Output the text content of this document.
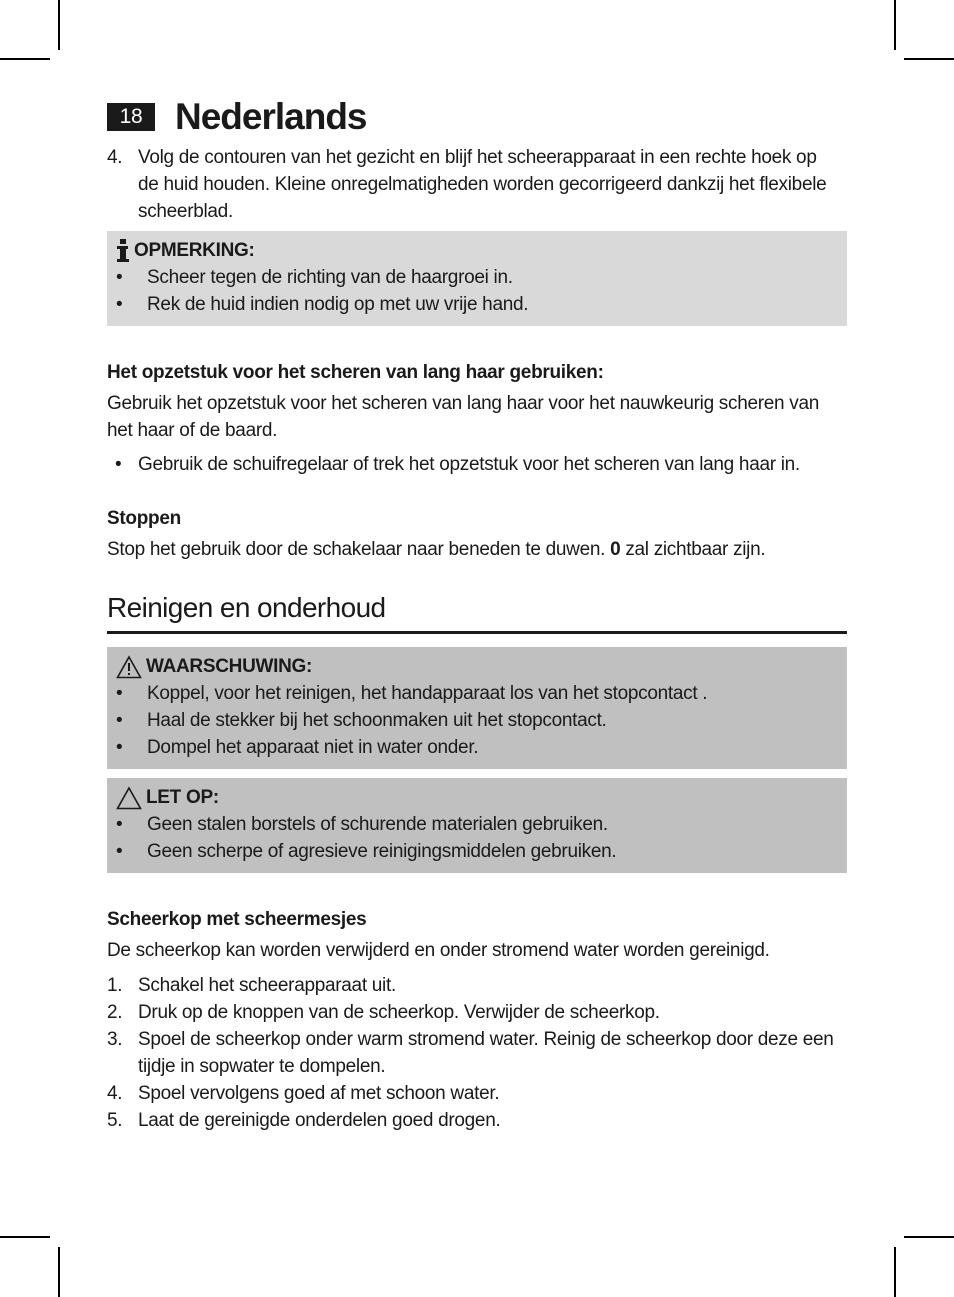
18 Nederlands
4. Volg de contouren van het gezicht en blijf het scheerapparaat in een rechte hoek op
de huid houden. Kleine onregelmatigheden worden gecorrigeerd dankzij het flexibele
scheerblad.
OPMERKING:
•	Scheer tegen de richting van de haargroei in.
•	Rek de huid indien nodig op met uw vrije hand.
Het opzetstuk voor het scheren van lang haar gebruiken:
Gebruik het opzetstuk voor het scheren van lang haar voor het nauwkeurig scheren van
het haar of de baard.
• Gebruik de schuifregelaar of trek het opzetstuk voor het scheren van lang haar in.
Stoppen
Stop het gebruik door de schakelaar naar beneden te duwen. 0 zal zichtbaar zijn.
Reinigen en onderhoud
WAARSCHUWING:
•	Koppel, voor het reinigen, het handapparaat los van het stopcontact .
•	Haal de stekker bij het schoonmaken uit het stopcontact.
•	Dompel het apparaat niet in water onder.
LET OP:
•	Geen stalen borstels of schurende materialen gebruiken.
•	Geen scherpe of agresieve reinigingsmiddelen gebruiken.
Scheerkop met scheermesjes
De scheerkop kan worden verwijderd en onder stromend water worden gereinigd.
1. Schakel het scheerapparaat uit.
2. Druk op de knoppen van de scheerkop. Verwijder de scheerkop.
3. Spoel de scheerkop onder warm stromend water. Reinig de scheerkop door deze een
tijdje in sopwater te dompelen.
4. Spoel vervolgens goed af met schoon water.
5. Laat de gereinigde onderdelen goed drogen.
